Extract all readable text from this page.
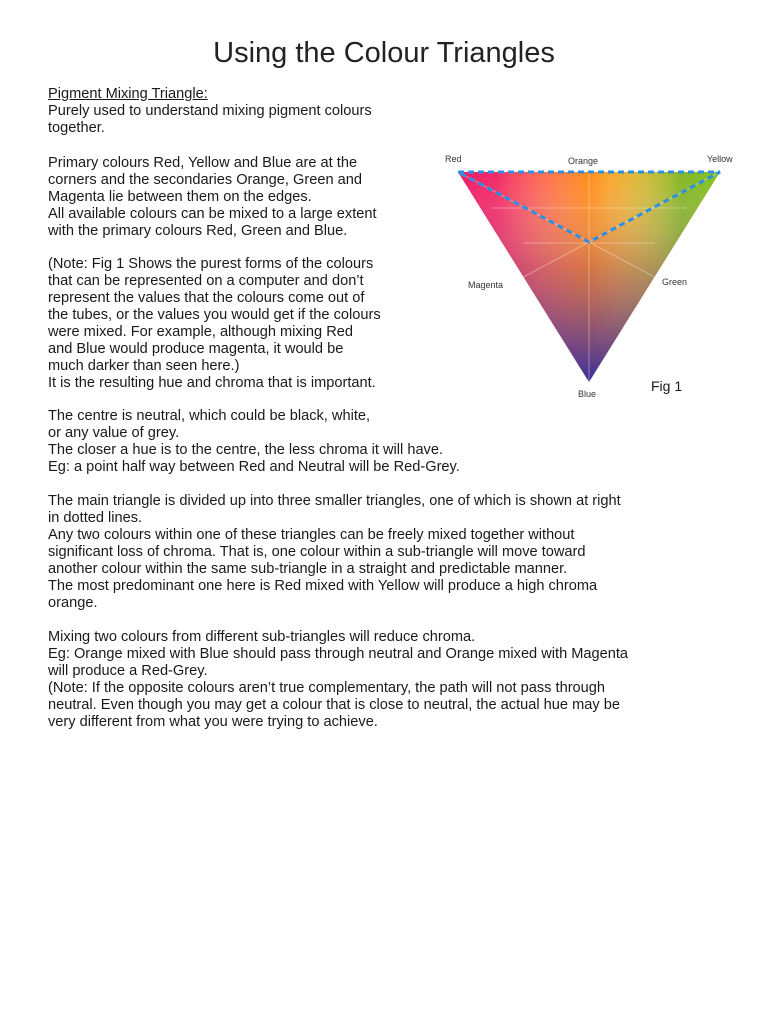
Using the Colour Triangles

Pigment Mixing Triangle:

Purely used to understand mixing pigment colours
together.

Primary colours Red, Yellow and Blue are at the
corners and the secondaries Orange, Green and
Magenta lie between them on the edges.
All available colours can be mixed to a large extent
with the primary colours Red, Green and Blue.

(Note: Fig 1 Shows the purest forms of the colours
that can be represented on a computer and don’t
represent the values that the colours come out of
the tubes, or the values you would get if the colours
were mixed. For example, although mixing Red
and Blue would produce magenta, it would be
much darker than seen here.)
It is the resulting hue and chroma that is important.

The centre is neutral, which could be black, white,
or any value of grey.
The closer a hue is to the centre, the less chroma it will have.
Eg: a point half way between Red and Neutral will be Red-Grey.

The main triangle is divided up into three smaller triangles, one of which is shown at right
in dotted lines.
Any two colours within one of these triangles can be freely mixed together without
significant loss of chroma. That is, one colour within a sub-triangle will move toward
another colour within the same sub-triangle in a straight and predictable manner.
The most predominant one here is Red mixed with Yellow will produce a high chroma
orange.

Mixing two colours from different sub-triangles will reduce chroma.
Eg: Orange mixed with Blue should pass through neutral and Orange mixed with Magenta
will produce a Red-Grey.
(Note: If the opposite colours aren’t true complementary, the path will not pass through
neutral. Even though you may get a colour that is close to neutral, the actual hue may be
very different from what you were trying to achieve.

Red	Orange	Yellow
Magenta	Green
Blue	Fig 1
